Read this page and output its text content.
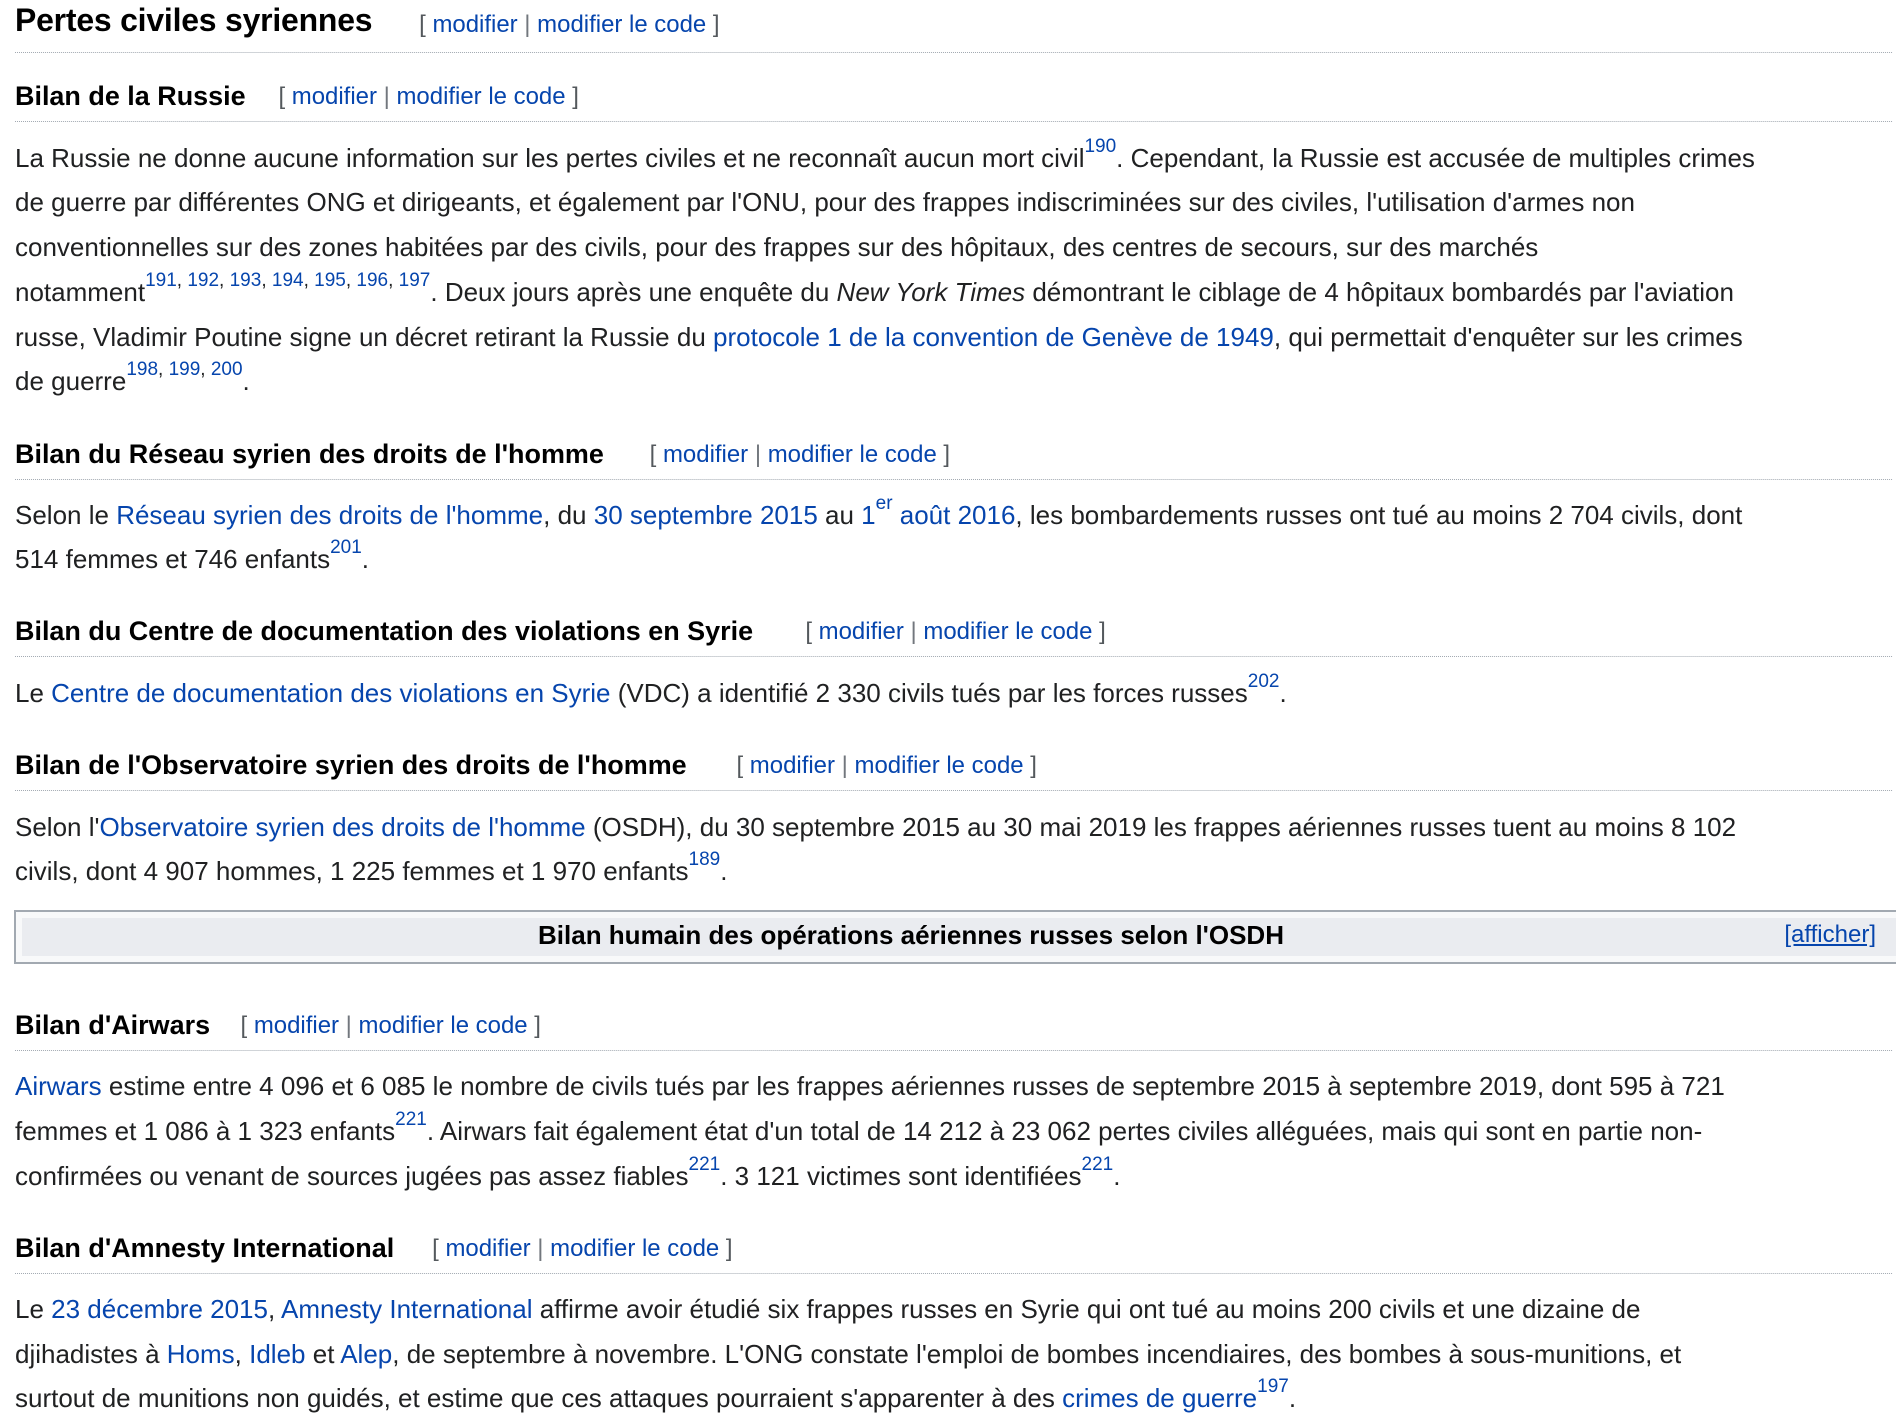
Pertes civiles syriennes [ modifier | modifier le code ]
Bilan de la Russie [ modifier | modifier le code ]
La Russie ne donne aucune information sur les pertes civiles et ne reconnaît aucun mort civil$^{190}$. Cependant, la Russie est accusée de multiples crimes
de guerre par différentes ONG et dirigeants, et également par l'ONU, pour des frappes indiscriminées sur des civiles, l'utilisation d'armes non
conventionnelles sur des zones habitées par des civils, pour des frappes sur des hôpitaux, des centres de secours, sur des marchés
notamment$^{191, 192, 193, 194, 195, 196, 197}$. Deux jours après une enquête du New York Times démontrant le ciblage de 4 hôpitaux bombardés par l'aviation
russe, Vladimir Poutine signe un décret retirant la Russie du protocole 1 de la convention de Genève de 1949, qui permettait d'enquêter sur les crimes
de guerre$^{198, 199, 200}$.
Bilan du Réseau syrien des droits de l'homme [ modifier | modifier le code ]
Selon le Réseau syrien des droits de l'homme, du 30 septembre 2015 au 1er août 2016, les bombardements russes ont tué au moins 2 704 civils, dont
514 femmes et 746 enfants$^{201}$.
Bilan du Centre de documentation des violations en Syrie [ modifier | modifier le code ]
Le Centre de documentation des violations en Syrie (VDC) a identifié 2 330 civils tués par les forces russes$^{202}$.
Bilan de l'Observatoire syrien des droits de l'homme [ modifier | modifier le code ]
Selon l'Observatoire syrien des droits de l'homme (OSDH), du 30 septembre 2015 au 30 mai 2019 les frappes aériennes russes tuent au moins 8 102
civils, dont 4 907 hommes, 1 225 femmes et 1 970 enfants$^{189}$.
Bilan humain des opérations aériennes russes selon l'OSDH	[afficher]
Bilan d'Airwars [ modifier | modifier le code ]
Airwars estime entre 4 096 et 6 085 le nombre de civils tués par les frappes aériennes russes de septembre 2015 à septembre 2019, dont 595 à 721
femmes et 1 086 à 1 323 enfants$^{221}$. Airwars fait également état d'un total de 14 212 à 23 062 pertes civiles alléguées, mais qui sont en partie non-
confirmées ou venant de sources jugées pas assez fiables$^{221}$. 3 121 victimes sont identifiées$^{221}$.
Bilan d'Amnesty International [ modifier | modifier le code ]
Le 23 décembre 2015, Amnesty International affirme avoir étudié six frappes russes en Syrie qui ont tué au moins 200 civils et une dizaine de
djihadistes à Homs, Idleb et Alep, de septembre à novembre. L'ONG constate l'emploi de bombes incendiaires, des bombes à sous-munitions, et
surtout de munitions non guidés, et estime que ces attaques pourraient s'apparenter à des crimes de guerre$^{197}$.
